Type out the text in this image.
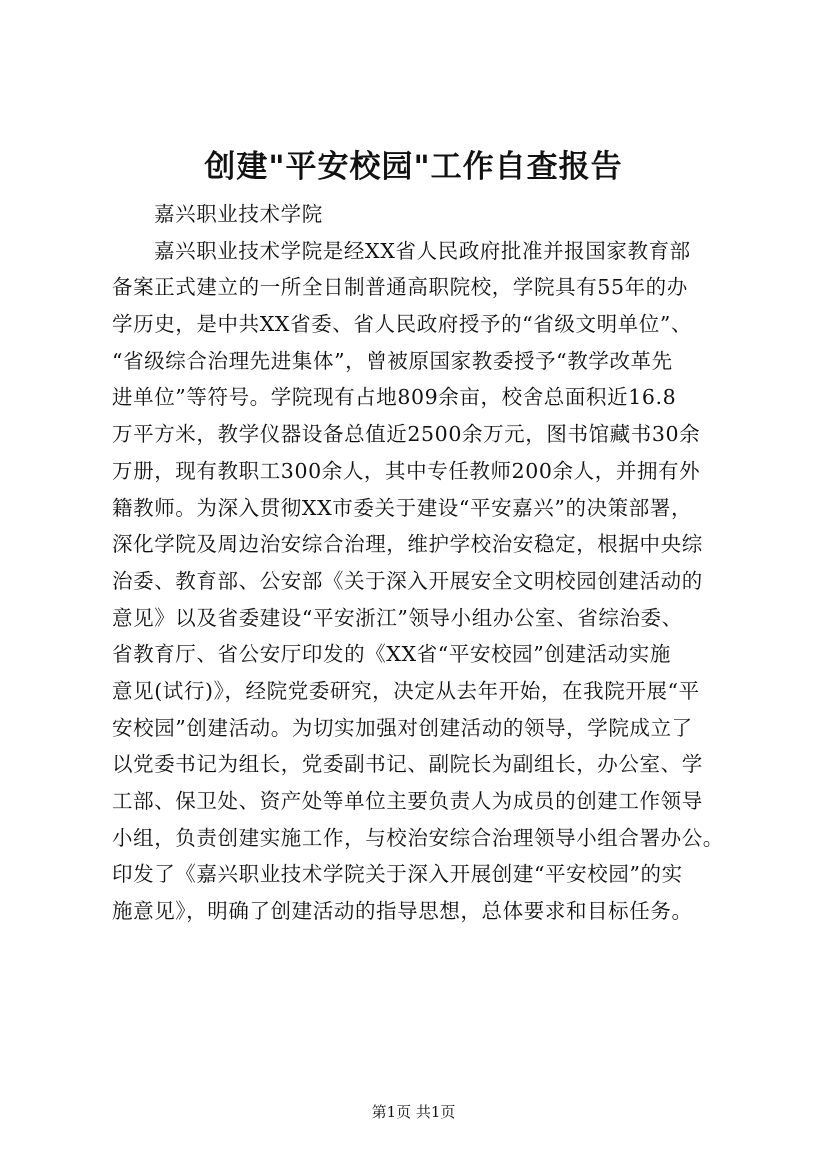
创建"平安校园"工作自查报告
嘉兴职业技术学院
嘉兴职业技术学院是经XX省人民政府批准并报国家教育部
备案正式建立的一所全日制普通高职院校，学院具有55年的办
学历史，是中共XX省委、省人民政府授予的“省级文明单位”、
“省级综合治理先进集体”，曾被原国家教委授予“教学改革先
进单位”等符号。学院现有占地809余亩，校舍总面积近16.8
万平方米，教学仪器设备总值近2500余万元，图书馆藏书30余
万册，现有教职工300余人，其中专任教师200余人，并拥有外
籍教师。为深入贯彻XX市委关于建设“平安嘉兴”的决策部署，
深化学院及周边治安综合治理，维护学校治安稳定，根据中央综
治委、教育部、公安部《关于深入开展安全文明校园创建活动的
意见》以及省委建设“平安浙江”领导小组办公室、省综治委、
省教育厅、省公安厅印发的《XX省“平安校园”创建活动实施
意见(试行)》，经院党委研究，决定从去年开始，在我院开展“平
安校园”创建活动。为切实加强对创建活动的领导，学院成立了
以党委书记为组长，党委副书记、副院长为副组长，办公室、学
工部、保卫处、资产处等单位主要负责人为成员的创建工作领导
小组，负责创建实施工作，与校治安综合治理领导小组合署办公。
印发了《嘉兴职业技术学院关于深入开展创建“平安校园”的实
施意见》，明确了创建活动的指导思想，总体要求和目标任务。
第1页 共1页
